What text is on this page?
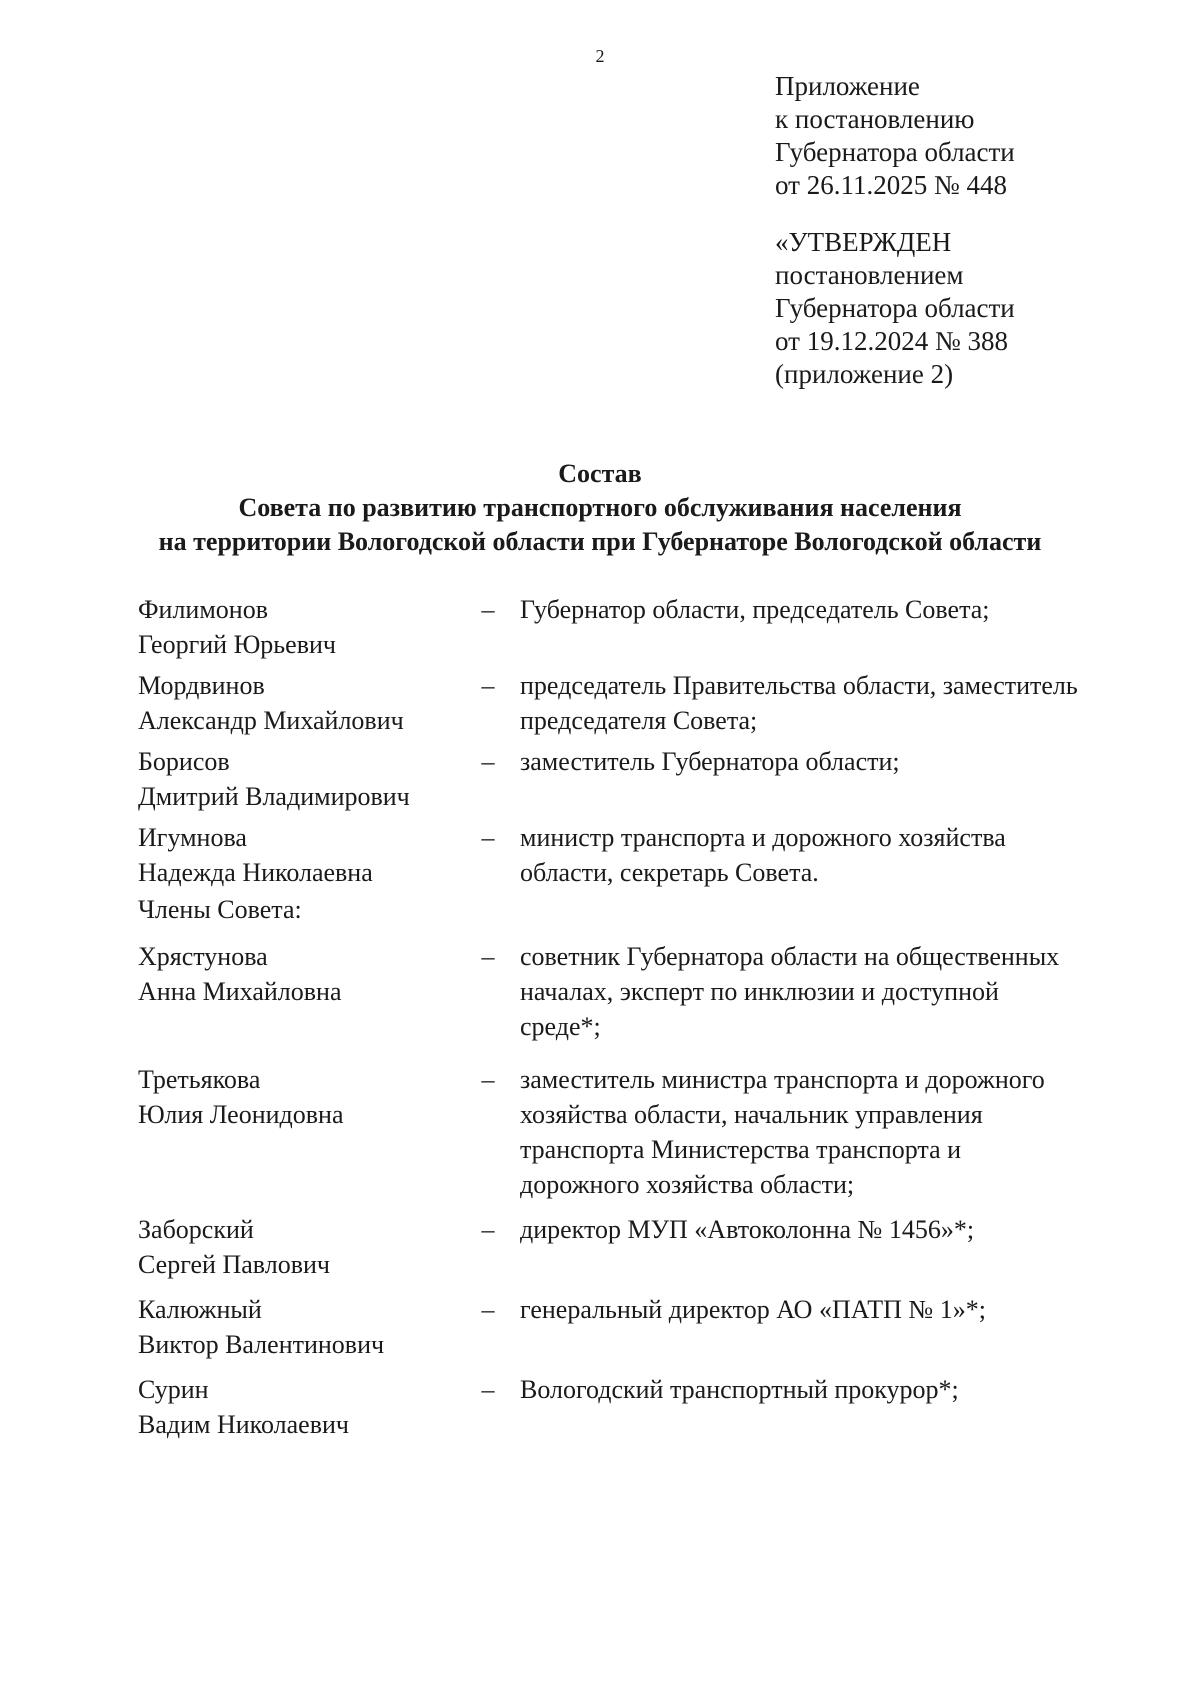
2
Приложение
к постановлению
Губернатора области
от 26.11.2025 № 448
«УТВЕРЖДЕН
постановлением
Губернатора области
от 19.12.2024 № 388
(приложение 2)
Состав
Совета по развитию транспортного обслуживания населения
на территории Вологодской области при Губернаторе Вологодской области
Филимонов
Георгий Юрьевич
– Губернатор области, председатель Совета;
Мордвинов
Александр Михайлович
– председатель Правительства области, заместитель
председателя Совета;
Борисов
Дмитрий Владимирович
– заместитель Губернатора области;
Игумнова
Надежда Николаевна
– министр транспорта и дорожного хозяйства
области, секретарь Совета.
Члены Совета:
Хрястунова
Анна Михайловна
– советник Губернатора области на общественных
началах, эксперт по инклюзии и доступной
среде*;
Третьякова
Юлия Леонидовна
– заместитель министра транспорта и дорожного
хозяйства области, начальник управления
транспорта Министерства транспорта и
дорожного хозяйства области;
Заборский
Сергей Павлович
– директор МУП «Автоколонна № 1456»*;
Калюжный
Виктор Валентинович
– генеральный директор АО «ПАТП № 1»*;
Сурин
Вадим Николаевич
– Вологодский транспортный прокурор*;
